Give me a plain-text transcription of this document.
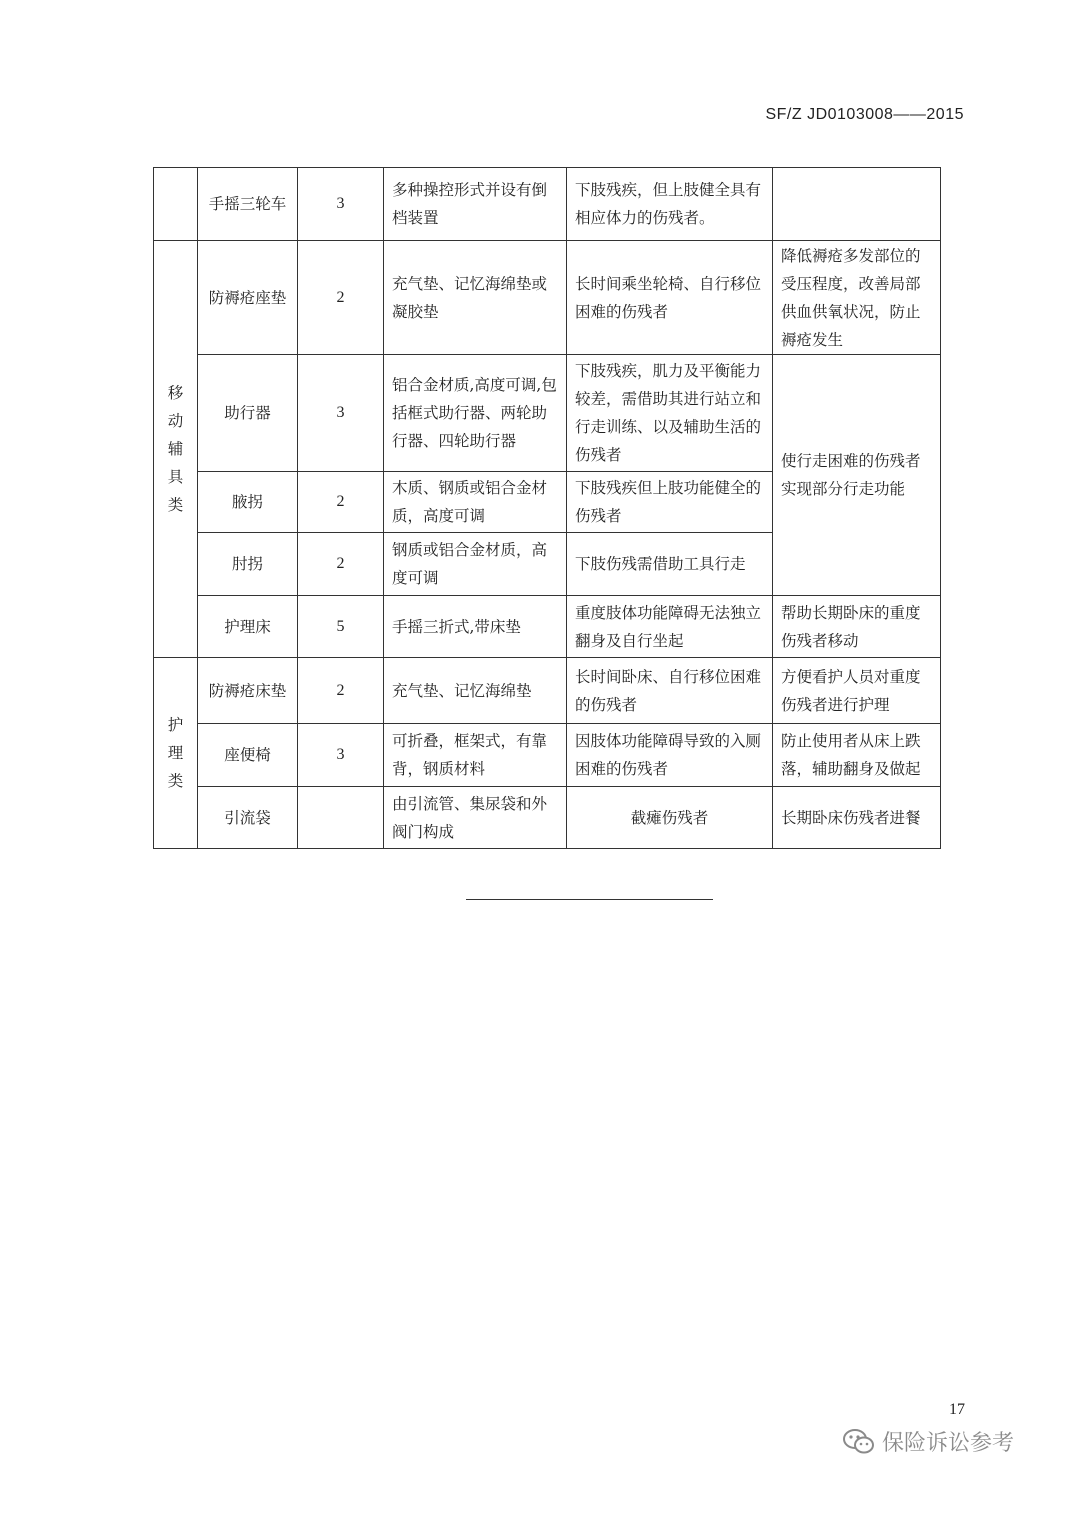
SF/Z JD0103008——2015
	手摇三轮车	3	多种操控形式并设有倒档装置	下肢残疾，但上肢健全具有相应体力的伤残者。	
移动辅具类	防褥疮座垫	2	充气垫、记忆海绵垫或凝胶垫	长时间乘坐轮椅、自行移位困难的伤残者	降低褥疮多发部位的受压程度，改善局部供血供氧状况，防止褥疮发生
	助行器	3	铝合金材质,高度可调,包括框式助行器、两轮助行器、四轮助行器	下肢残疾，肌力及平衡能力较差，需借助其进行站立和行走训练、以及辅助生活的伤残者	使行走困难的伤残者实现部分行走功能
	腋拐	2	木质、钢质或铝合金材质，高度可调	下肢残疾但上肢功能健全的伤残者	
	肘拐	2	钢质或铝合金材质，高度可调	下肢伤残需借助工具行走	
	护理床	5	手摇三折式,带床垫	重度肢体功能障碍无法独立翻身及自行坐起	帮助长期卧床的重度伤残者移动
护理类	防褥疮床垫	2	充气垫、记忆海绵垫	长时间卧床、自行移位困难的伤残者	方便看护人员对重度伤残者进行护理
	座便椅	3	可折叠，框架式，有靠背，钢质材料	因肢体功能障碍导致的入厕困难的伤残者	防止使用者从床上跌落，辅助翻身及做起
	引流袋		由引流管、集尿袋和外阀门构成	截瘫伤残者	长期卧床伤残者进餐
17
保险诉讼参考
